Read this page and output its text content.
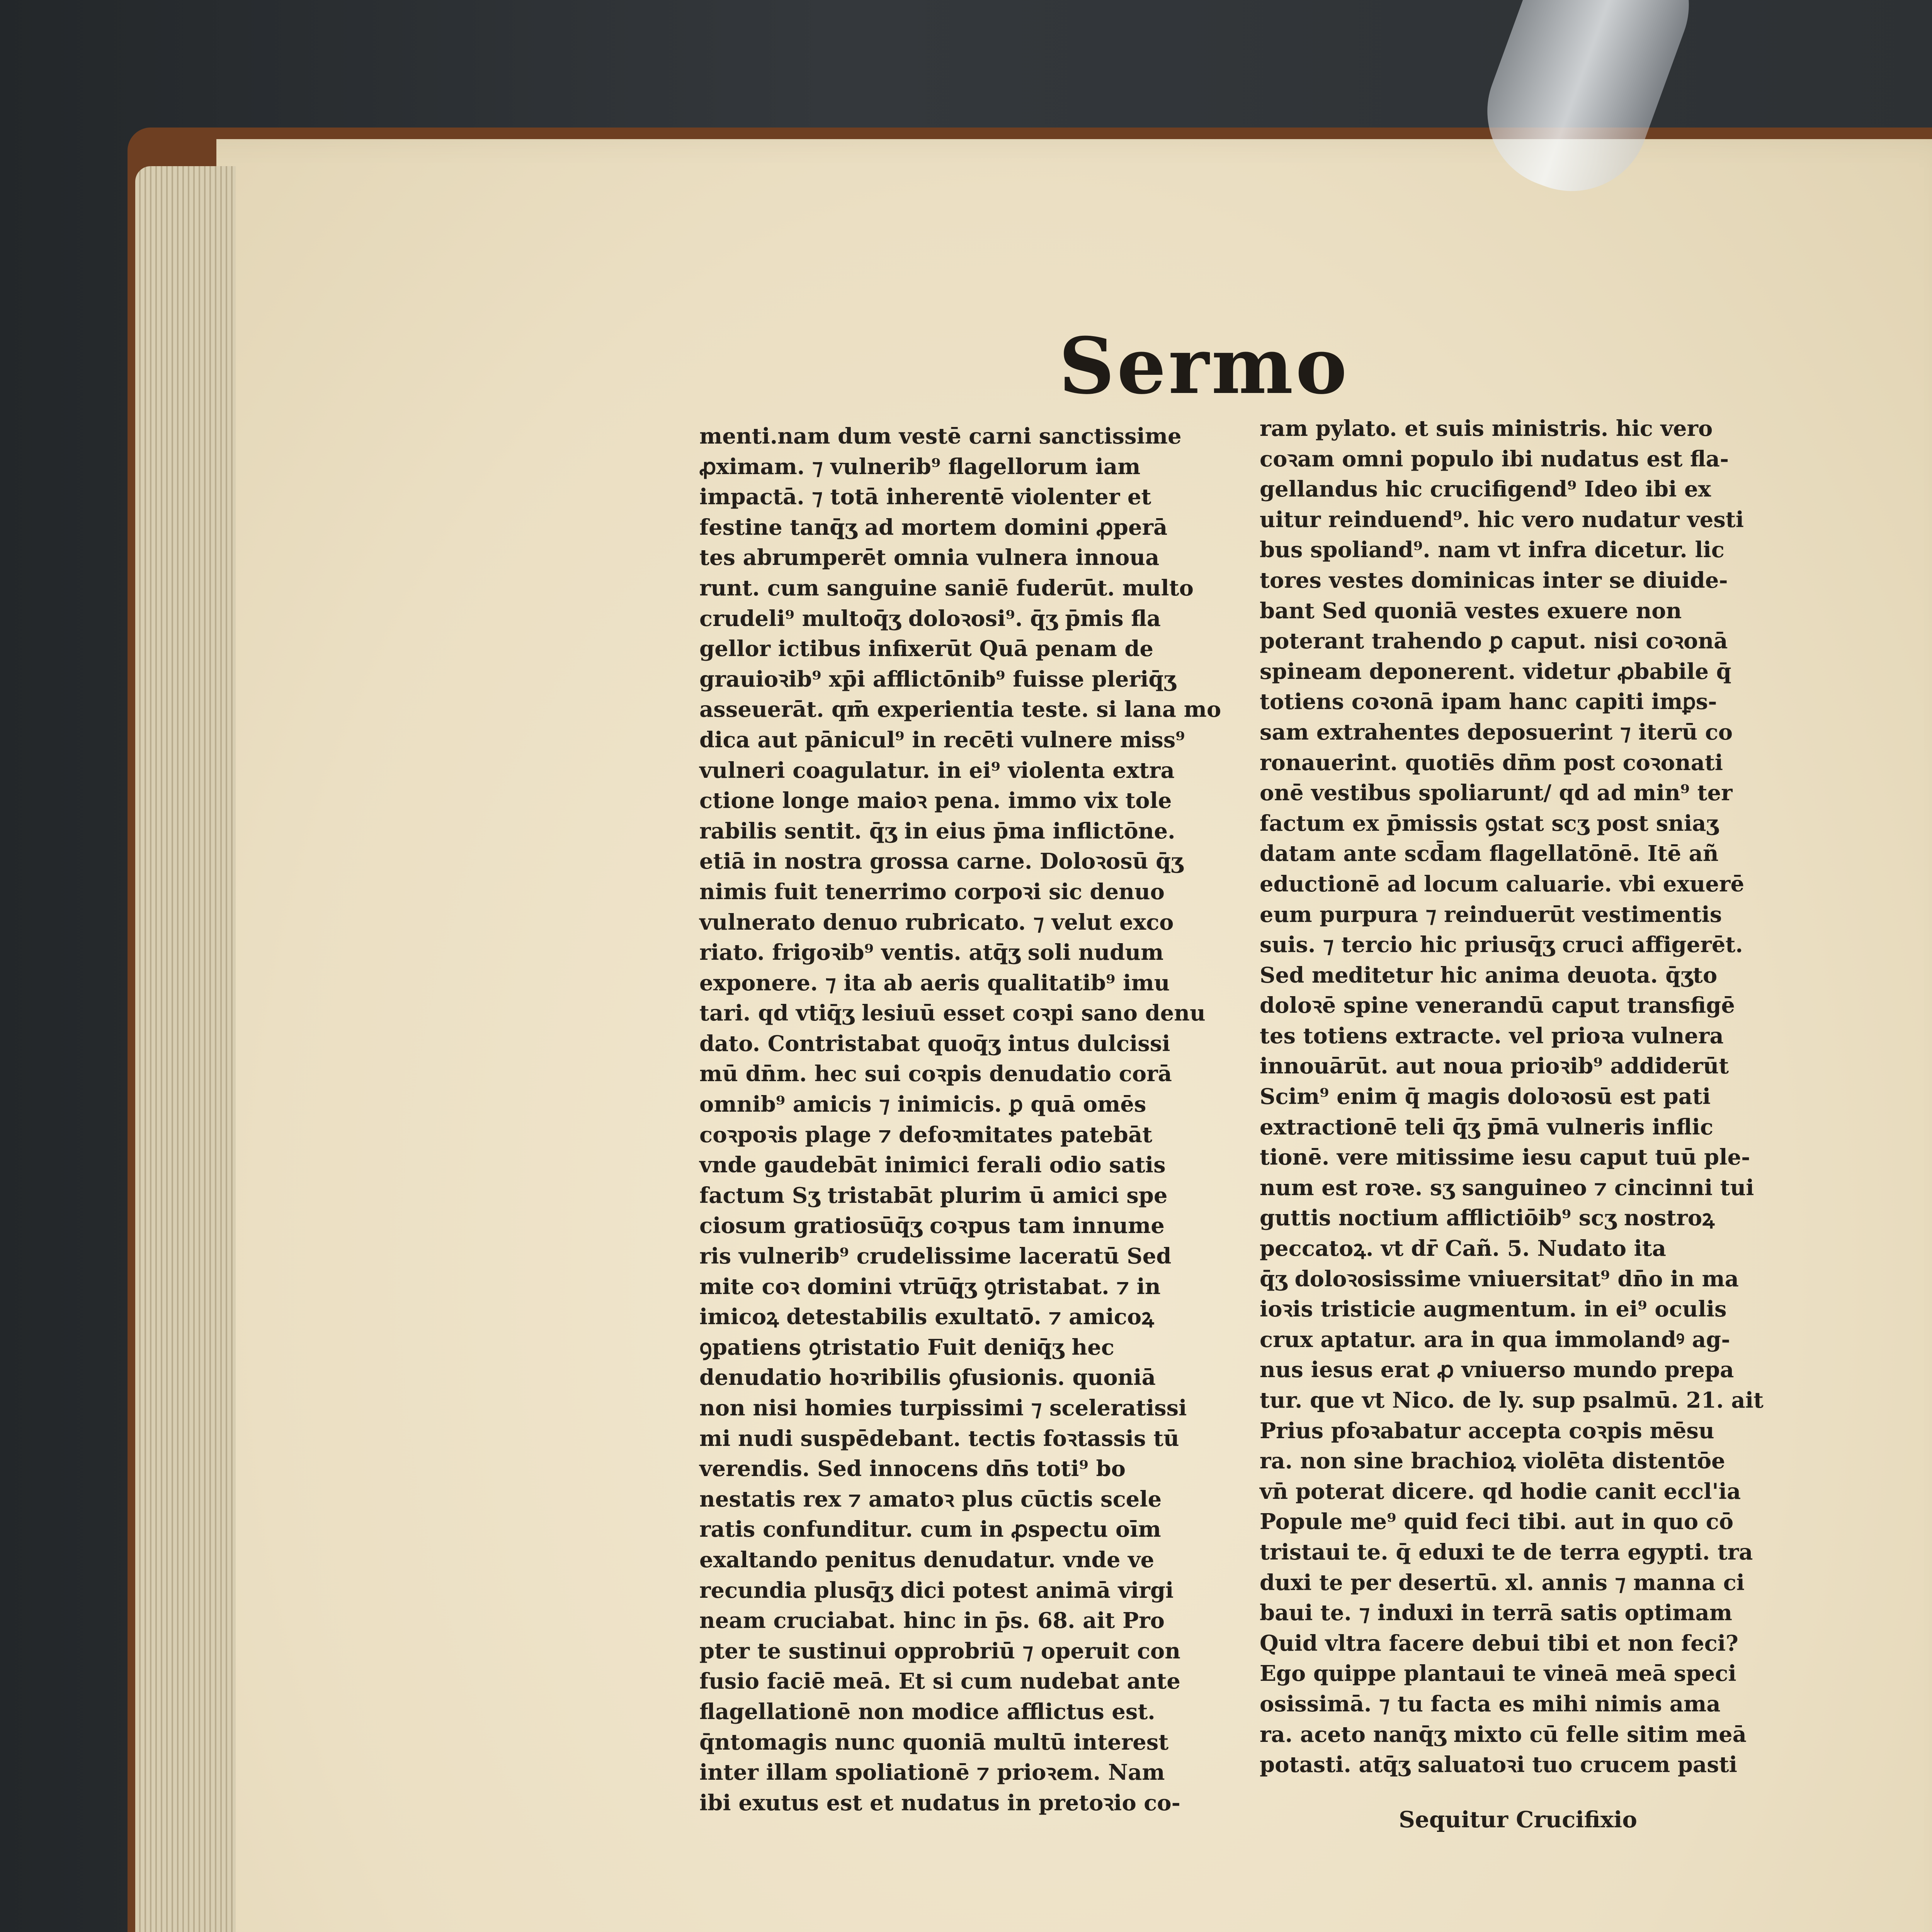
Sermo
menti.nam dum vestē carni sanctissime
ꝓximam. ⁊ vulnerib⁹ flagellorum iam
impactā. ⁊ totā inherentē violenter et
festine tanq̄ʒ ad mortem domini ꝓperā
tes abrumperēt omnia vulnera innoua
runt. cum sanguine saniē fuderūt. multo
crudeli⁹ multoq̄ʒ doloꝛosi⁹. q̄ʒ p̄mis fla
gellor ictibus infixerūt Quā penam de
grauioꝛib⁹ xp̄i afflictōnib⁹ fuisse pleriq̄ʒ
asseuerāt. qm̄ experientia teste. si lana mo
dica aut pānicul⁹ in recēti vulnere miss⁹
vulneri coagulatur. in ei⁹ violenta extra
ctione longe maioꝛ pena. immo vix tole
rabilis sentit. q̄ʒ in eius p̄ma inflictōne.
etiā in nostra grossa carne. Doloꝛosū q̄ʒ
nimis fuit tenerrimo corpoꝛi sic denuo
vulnerato denuo rubricato. ⁊ velut exco
riato. frigoꝛib⁹ ventis. atq̄ʒ soli nudum
exponere. ⁊ ita ab aeris qualitatib⁹ imu
tari. qd vtiq̄ʒ lesiuū esset coꝛpi sano denu
dato. Contristabat quoq̄ʒ intus dulcissi
mū dn̄m. hec sui coꝛpis denudatio corā
omnib⁹ amicis ⁊ inimicis. ꝑ quā omēs
coꝛpoꝛis plage ⁊ defoꝛmitates patebāt
vnde gaudebāt inimici ferali odio satis
factum Sʒ tristabāt plurim ū amici spe
ciosum gratiosūq̄ʒ coꝛpus tam innume
ris vulnerib⁹ crudelissime laceratū Sed
mite coꝛ domini vtrūq̄ʒ ꝯtristabat. ⁊ in
imicoꝝ detestabilis exultatō. ⁊ amicoꝝ
ꝯpatiens ꝯtristatio Fuit deniq̄ʒ hec
denudatio hoꝛribilis ꝯfusionis. quoniā
non nisi homies turpissimi ⁊ sceleratissi
mi nudi suspēdebant. tectis foꝛtassis tū
verendis. Sed innocens dn̄s toti⁹ bo
nestatis rex ⁊ amatoꝛ plus cūctis scele
ratis confunditur. cum in ꝓspectu oīm
exaltando penitus denudatur. vnde ve
recundia plusq̄ʒ dici potest animā virgi
neam cruciabat. hinc in p̄s. 68. ait Pro
pter te sustinui opprobriū ⁊ operuit con
fusio faciē meā. Et si cum nudebat ante
flagellationē non modice afflictus est.
q̄ntomagis nunc quoniā multū interest
inter illam spoliationē ⁊ prioꝛem. Nam
ibi exutus est et nudatus in pretoꝛio co-
ram pylato. et suis ministris. hic vero
coꝛam omni populo ibi nudatus est fla-
gellandus hic crucifigend⁹ Ideo ibi ex
uitur reinduend⁹. hic vero nudatur vesti
bus spoliand⁹. nam vt infra dicetur. lic
tores vestes dominicas inter se diuide-
bant Sed quoniā vestes exuere non
poterant trahendo ꝑ caput. nisi coꝛonā
spineam deponerent. videtur ꝓbabile q̄
totiens coꝛonā ipam hanc capiti imꝑs-
sam extrahentes deposuerint ⁊ iterū co
ronauerint. quotiēs dn̄m post coꝛonati
onē vestibus spoliarunt/ qd ad min⁹ ter
factum ex p̄missis ꝯstat scʒ post sniaʒ
datam ante scd̄am flagellatōnē. Itē añ
eductionē ad locum caluarie. vbi exuerē
eum purpura ⁊ reinduerūt vestimentis
suis. ⁊ tercio hic priusq̄ʒ cruci affigerēt.
Sed meditetur hic anima deuota. q̄ʒto
doloꝛē spine venerandū caput transfigē
tes totiens extracte. vel prioꝛa vulnera
innouārūt. aut noua prioꝛib⁹ addiderūt
Scim⁹ enim q̄ magis doloꝛosū est pati
extractionē teli q̄ʒ p̄mā vulneris inflic
tionē. vere mitissime iesu caput tuū ple-
num est roꝛe. sʒ sanguineo ⁊ cincinni tui
guttis noctium afflictiōib⁹ scʒ nostroꝝ
peccatoꝝ. vt dr̄ Cañ. 5. Nudato ita
q̄ʒ doloꝛosissime vniuersitat⁹ dn̄o in ma
ioꝛis tristicie augmentum. in ei⁹ oculis
crux aptatur. ara in qua immolandꝰ ag-
nus iesus erat ꝓ vniuerso mundo prepa
tur. que vt Nico. de ly. sup psalmū. 21. ait
Prius pfoꝛabatur accepta coꝛpis mēsu
ra. non sine brachioꝝ violēta distentōe
vn̄ poterat dicere. qd hodie canit eccl'ia
Popule me⁹ quid feci tibi. aut in quo cō
tristaui te. q̄ eduxi te de terra egypti. tra
duxi te per desertū. xl. annis ⁊ manna ci
baui te. ⁊ induxi in terrā satis optimam
Quid vltra facere debui tibi et non feci?
Ego quippe plantaui te vineā meā speci
osissimā. ⁊ tu facta es mihi nimis ama
ra. aceto nanq̄ʒ mixto cū felle sitim meā
potasti. atq̄ʒ saluatoꝛi tuo crucem pasti
Sequitur Crucifixio
